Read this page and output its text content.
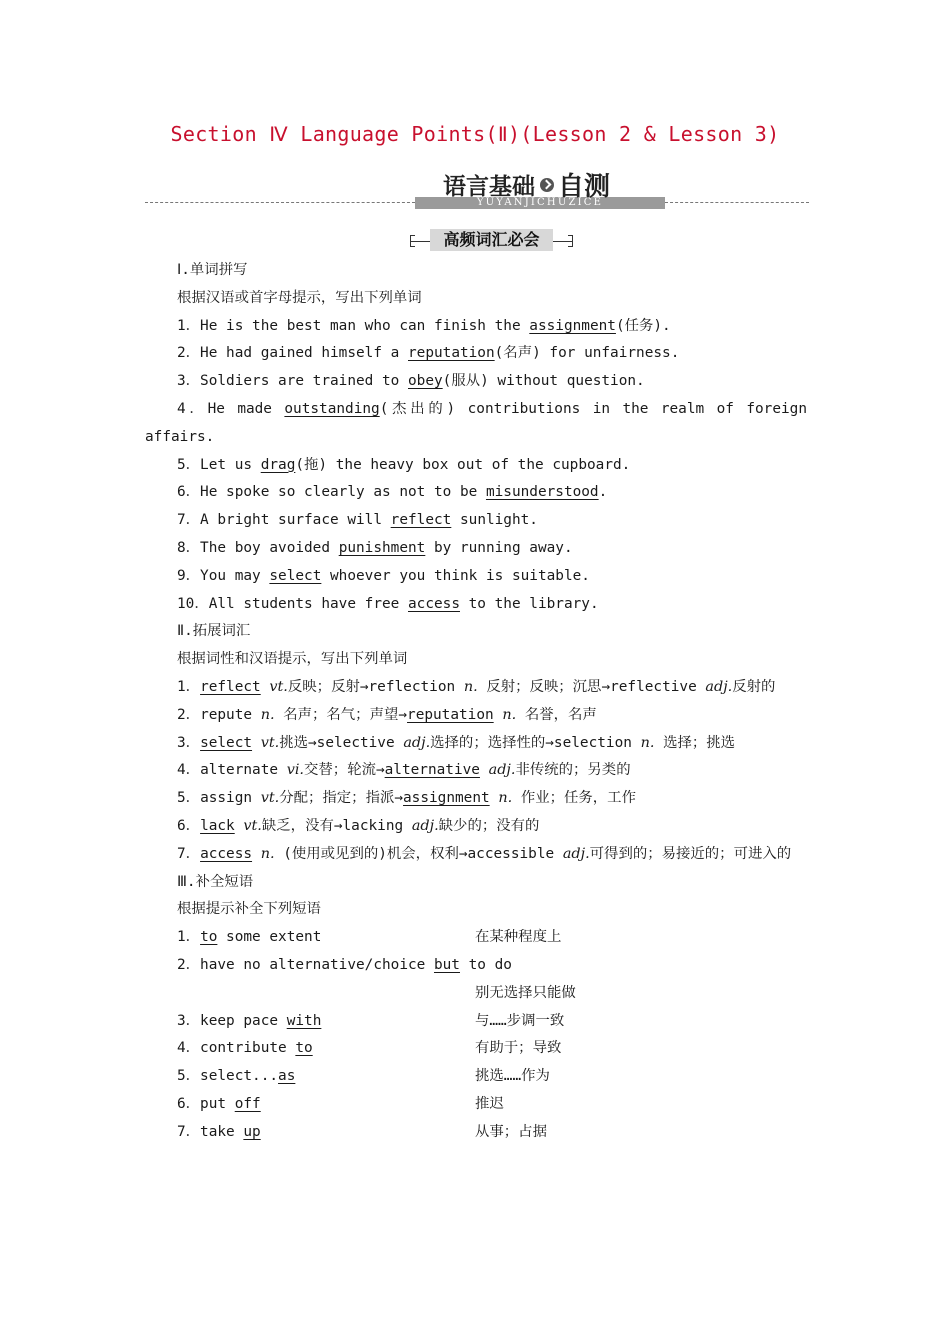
Section Ⅳ Language Points(Ⅱ)(Lesson 2 & Lesson 3)
YUYANJICHUZICE
语言基础 自测
高频词汇必会

Ⅰ.单词拼写

根据汉语或首字母提示，写出下列单词

1．He is the best man who can finish the assignment(任务).

2．He had gained himself a reputation(名声) for unfairness.

3．Soldiers are trained to obey(服从) without question.

4．He made outstanding(杰出的) contributions in the realm of foreign affairs.

5．Let us drag(拖) the heavy box out of the cupboard.

6．He spoke so clearly as not to be misunderstood.

7．A bright surface will reflect sunlight.

8．The boy avoided punishment by running away.

9．You may select whoever you think is suitable.

10．All students have free access to the library.

Ⅱ.拓展词汇

根据词性和汉语提示，写出下列单词

1．reflect vt.反映；反射→reflection n. 反射；反映；沉思→reflective adj.反射的

2．repute n. 名声；名气；声望→reputation n. 名誉，名声

3．select vt.挑选→selective adj.选择的；选择性的→selection n. 选择；挑选

4．alternate vi.交替；轮流→alternative adj.非传统的；另类的

5．assign vt.分配；指定；指派→assignment n. 作业；任务，工作

6．lack vt.缺乏，没有→lacking adj.缺少的；没有的

7．access n. (使用或见到的)机会，权利→accessible adj.可得到的；易接近的；可进入的

Ⅲ.补全短语

根据提示补全下列短语

1．to some extent	在某种程度上
2．have no alternative/choice but to do
别无选择只能做
3．keep pace with	与……步调一致
4．contribute to	有助于；导致
5．select...as	挑选……作为
6．put off	推迟
7．take up	从事；占据
